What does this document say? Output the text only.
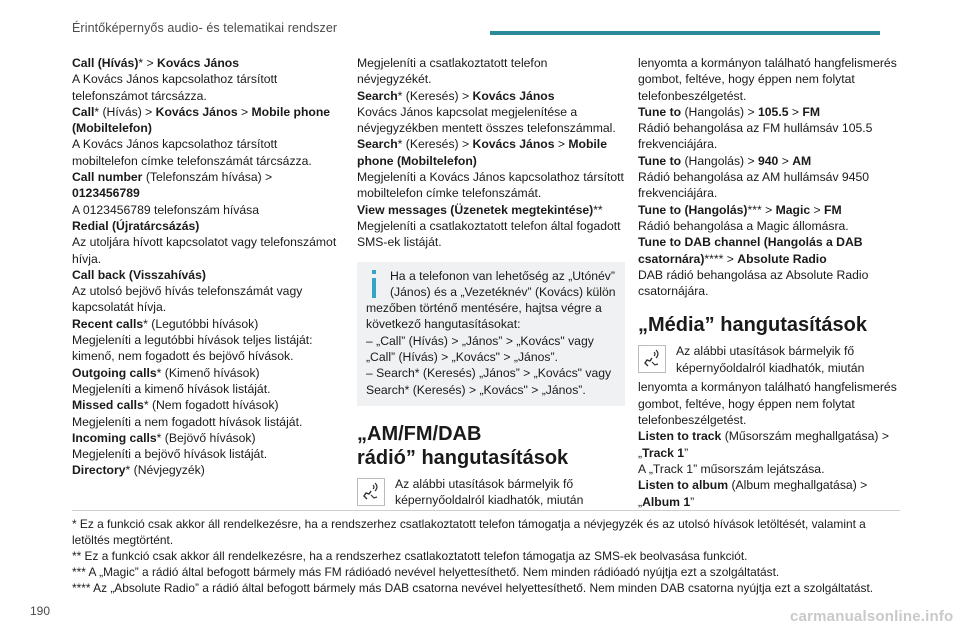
Érintőképernyős audio- és telematikai rendszer

Call (Hívás)* > Kovács János

A Kovács János kapcsolathoz társított telefonszámot tárcsázza.

Call* (Hívás) > Kovács János > Mobile phone (Mobiltelefon)

A Kovács János kapcsolathoz társított mobiltelefon címke telefonszámát tárcsázza.

Call number (Telefonszám hívása) > 0123456789

A 0123456789 telefonszám hívása

Redial (Újratárcsázás)

Az utoljára hívott kapcsolatot vagy telefonszámot hívja.

Call back (Visszahívás)

Az utolsó bejövő hívás telefonszámát vagy kapcsolatát hívja.

Recent calls* (Legutóbbi hívások)

Megjeleníti a legutóbbi hívások teljes listáját: kimenő, nem fogadott és bejövő hívások.

Outgoing calls* (Kimenő hívások)

Megjeleníti a kimenő hívások listáját.

Missed calls* (Nem fogadott hívások)

Megjeleníti a nem fogadott hívások listáját.

Incoming calls* (Bejövő hívások)

Megjeleníti a bejövő hívások listáját.

Directory* (Névjegyzék)

Megjeleníti a csatlakoztatott telefon névjegyzékét.

Search* (Keresés) > Kovács János

Kovács János kapcsolat megjelenítése a névjegyzékben mentett összes telefonszámmal.

Search* (Keresés) > Kovács János > Mobile phone (Mobiltelefon)

Megjeleníti a Kovács János kapcsolathoz társított mobiltelefon címke telefonszámát.

View messages (Üzenetek megtekintése)**

Megjeleníti a csatlakoztatott telefon által fogadott SMS-ek listáját.

Ha a telefonon van lehetőség az „Utónév” (János) és a „Vezetéknév” (Kovács) külön mezőben történő mentésére, hajtsa végre a következő hangutasításokat:

– „Call” (Hívás) > „János” > „Kovács" vagy „Call” (Hívás) > „Kovács" > „János”.

– Search* (Keresés) „János” > „Kovács" vagy Search* (Keresés) > „Kovács" > „János”.

„AM/FM/DAB
rádió” hangutasítások

Az alábbi utasítások bármelyik fő képernyőoldalról kiadhatók, miután

lenyomta a kormányon található hangfelismerés gombot, feltéve, hogy éppen nem folytat telefonbeszélgetést.

Tune to (Hangolás) > 105.5 > FM

Rádió behangolása az FM hullámsáv 105.5 frekvenciájára.

Tune to (Hangolás) > 940 > AM

Rádió behangolása az AM hullámsáv 9450 frekvenciájára.

Tune to (Hangolás)*** > Magic > FM

Rádió behangolása a Magic állomásra.

Tune to DAB channel (Hangolás a DAB csatornára)**** > Absolute Radio

DAB rádió behangolása az Absolute Radio csatornájára.

„Média” hangutasítások

Az alábbi utasítások bármelyik fő képernyőoldalról kiadhatók, miután

lenyomta a kormányon található hangfelismerés gombot, feltéve, hogy éppen nem folytat telefonbeszélgetést.

Listen to track (Műsorszám meghallgatása) > „Track 1”

A „Track 1” műsorszám lejátszása.

Listen to album (Album meghallgatása) > „Album 1”

* Ez a funkció csak akkor áll rendelkezésre, ha a rendszerhez csatlakoztatott telefon támogatja a névjegyzék és az utolsó hívások letöltését, valamint a letöltés megtörtént.

** Ez a funkció csak akkor áll rendelkezésre, ha a rendszerhez csatlakoztatott telefon támogatja az SMS-ek beolvasása funkciót.

*** A „Magic” a rádió által befogott bármely más FM rádióadó nevével helyettesíthető. Nem minden rádióadó nyújtja ezt a szolgáltatást.

**** Az „Absolute Radio” a rádió által befogott bármely más DAB csatorna nevével helyettesíthető. Nem minden DAB csatorna nyújtja ezt a szolgáltatást.

190	carmanualsonline.info
